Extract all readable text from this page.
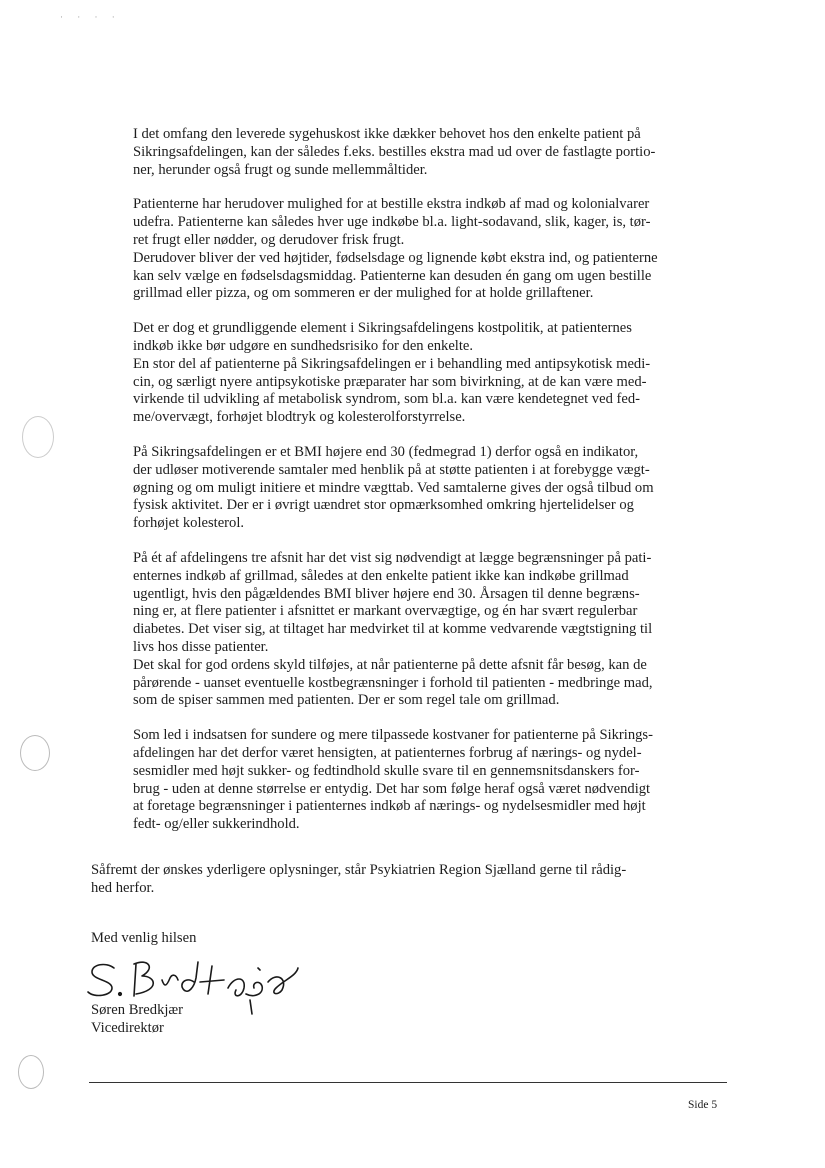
· · · ·

I det omfang den leverede sygehuskost ikke dækker behovet hos den enkelte patient på
Sikringsafdelingen, kan der således f.eks. bestilles ekstra mad ud over de fastlagte portio-
ner, herunder også frugt og sunde mellemmåltider.

Patienterne har herudover mulighed for at bestille ekstra indkøb af mad og kolonialvarer
udefra. Patienterne kan således hver uge indkøbe bl.a. light-sodavand, slik, kager, is, tør-
ret frugt eller nødder, og derudover frisk frugt.
Derudover bliver der ved højtider, fødselsdage og lignende købt ekstra ind, og patienterne
kan selv vælge en fødselsdagsmiddag. Patienterne kan desuden én gang om ugen bestille
grillmad eller pizza, og om sommeren er der mulighed for at holde grillaftener.

Det er dog et grundliggende element i Sikringsafdelingens kostpolitik, at patienternes
indkøb ikke bør udgøre en sundhedsrisiko for den enkelte.
En stor del af patienterne på Sikringsafdelingen er i behandling med antipsykotisk medi-
cin, og særligt nyere antipsykotiske præparater har som bivirkning, at de kan være med-
virkende til udvikling af metabolisk syndrom, som bl.a. kan være kendetegnet ved fed-
me/overvægt, forhøjet blodtryk og kolesterolforstyrrelse.

På Sikringsafdelingen er et BMI højere end 30 (fedmegrad 1) derfor også en indikator,
der udløser motiverende samtaler med henblik på at støtte patienten i at forebygge vægt-
øgning og om muligt initiere et mindre vægttab. Ved samtalerne gives der også tilbud om
fysisk aktivitet. Der er i øvrigt uændret stor opmærksomhed omkring hjertelidelser og
forhøjet kolesterol.

På ét af afdelingens tre afsnit har det vist sig nødvendigt at lægge begrænsninger på pati-
enternes indkøb af grillmad, således at den enkelte patient ikke kan indkøbe grillmad
ugentligt, hvis den pågældendes BMI bliver højere end 30. Årsagen til denne begræns-
ning er, at flere patienter i afsnittet er markant overvægtige, og én har svært regulerbar
diabetes. Det viser sig, at tiltaget har medvirket til at komme vedvarende vægtstigning til
livs hos disse patienter.
Det skal for god ordens skyld tilføjes, at når patienterne på dette afsnit får besøg, kan de
pårørende - uanset eventuelle kostbegrænsninger i forhold til patienten - medbringe mad,
som de spiser sammen med patienten. Der er som regel tale om grillmad.

Som led i indsatsen for sundere og mere tilpassede kostvaner for patienterne på Sikrings-
afdelingen har det derfor været hensigten, at patienternes forbrug af nærings- og nydel-
sesmidler med højt sukker- og fedtindhold skulle svare til en gennemsnitsdanskers for-
brug - uden at denne størrelse er entydig. Det har som følge heraf også været nødvendigt
at foretage begrænsninger i patienternes indkøb af nærings- og nydelsesmidler med højt
fedt- og/eller sukkerindhold.

Såfremt der ønskes yderligere oplysninger, står Psykiatrien Region Sjælland gerne til rådig-
hed herfor.

Med venlig hilsen
Søren Bredkjær
Vicedirektør
Side 5
